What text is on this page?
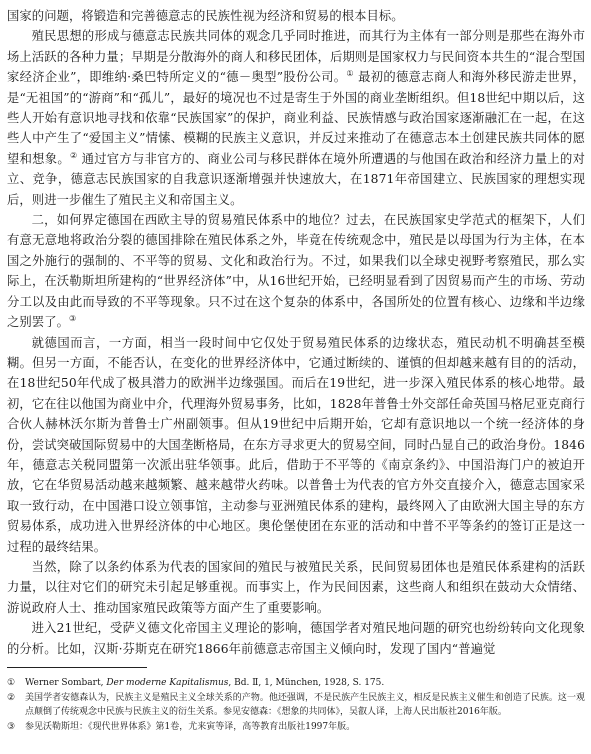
国家的问题，将锻造和完善德意志的民族性视为经济和贸易的根本目标。

殖民思想的形成与德意志民族共同体的观念几乎同时推进，而其行为主体有一部分则是那些在海外市场上活跃的各种力量；早期是分散海外的商人和移民团体，后期则是国家权力与民间资本共生的“混合型国家经济企业”，即维纳·桑巴特所定义的“德－奥型”股份公司。① 最初的德意志商人和海外移民游走世界，是“无祖国”的“游商”和“孤儿”，最好的境况也不过是寄生于外国的商业垄断组织。但18世纪中期以后，这些人开始有意识地寻找和依靠“民族国家”的保护，商业利益、民族情感与政治国家逐渐融汇在一起，在这些人中产生了“爱国主义”情愫、模糊的民族主义意识，并反过来推动了在德意志本土创建民族共同体的愿望和想象。② 通过官方与非官方的、商业公司与移民群体在境外所遭遇的与他国在政治和经济力量上的对立、竞争，德意志民族国家的自我意识逐渐增强并快速放大，在1871年帝国建立、民族国家的理想实现后，则进一步催生了殖民主义和帝国主义。

二，如何界定德国在西欧主导的贸易殖民体系中的地位？过去，在民族国家史学范式的框架下，人们有意无意地将政治分裂的德国排除在殖民体系之外，毕竟在传统观念中，殖民是以母国为行为主体，在本国之外施行的强制的、不平等的贸易、文化和政治行为。不过，如果我们以全球史视野考察殖民，那么实际上，在沃勒斯坦所建构的“世界经济体”中，从16世纪开始，已经明显看到了因贸易而产生的市场、劳动分工以及由此而导致的不平等现象。只不过在这个复杂的体系中，各国所处的位置有核心、边缘和半边缘之别罢了。③

就德国而言，一方面，相当一段时间中它仅处于贸易殖民体系的边缘状态，殖民动机不明确甚至模糊。但另一方面，不能否认，在变化的世界经济体中，它通过断续的、谨慎的但却越来越有目的的活动，在18世纪50年代成了极具潜力的欧洲半边缘强国。而后在19世纪，进一步深入殖民体系的核心地带。最初，它在往以他国为商业中介，代理海外贸易事务，比如，1828年普鲁士外交部任命英国马格尼亚克商行合伙人赫林沃尔斯为普鲁士广州副领事。但从19世纪中后期开始，它却有意识地以一个统一经济体的身份，尝试突破国际贸易中的大国垄断格局，在东方寻求更大的贸易空间，同时凸显自己的政治身份。1846年，德意志关税同盟第一次派出驻华领事。此后，借助于不平等的《南京条约》、中国沿海门户的被迫开放，它在华贸易活动越来越频繁、越来越带火药味。以普鲁士为代表的官方外交直接介入，德意志国家采取一致行动，在中国港口设立领事馆，主动参与亚洲殖民体系的建构，最终网入了由欧洲大国主导的东方贸易体系，成功进入世界经济体的中心地区。奥伦堡使团在东亚的活动和中普不平等条约的签订正是这一过程的最终结果。

当然，除了以条约体系为代表的国家间的殖民与被殖民关系，民间贸易团体也是殖民体系建构的活跃力量，以往对它们的研究未引起足够重视。而事实上，作为民间因素，这些商人和组织在鼓动大众情绪、游说政府人士、推动国家殖民政策等方面产生了重要影响。

进入21世纪，受萨义德文化帝国主义理论的影响，德国学者对殖民地问题的研究也纷纷转向文化现象的分析。比如，汉斯·芬斯克在研究1866年前德意志帝国主义倾向时，发现了国内“普遍觉

①	Werner Sombart, Der moderne Kapitalismus, Bd. Ⅱ, 1, München, 1928, S. 175.
②	美国学者安德森认为，民族主义是殖民主义全球关系的产物。他还强调，不是民族产生民族主义，相反是民族主义催生和创造了民族。这一观点颠倒了传统观念中民族与民族主义的衍生关系。参见安德森：《想象的共同体》，吴叡人译，上海人民出版社2016年版。
③	参见沃勒斯坦：《现代世界体系》第1卷，尤来寅等译，高等教育出版社1997年版。
